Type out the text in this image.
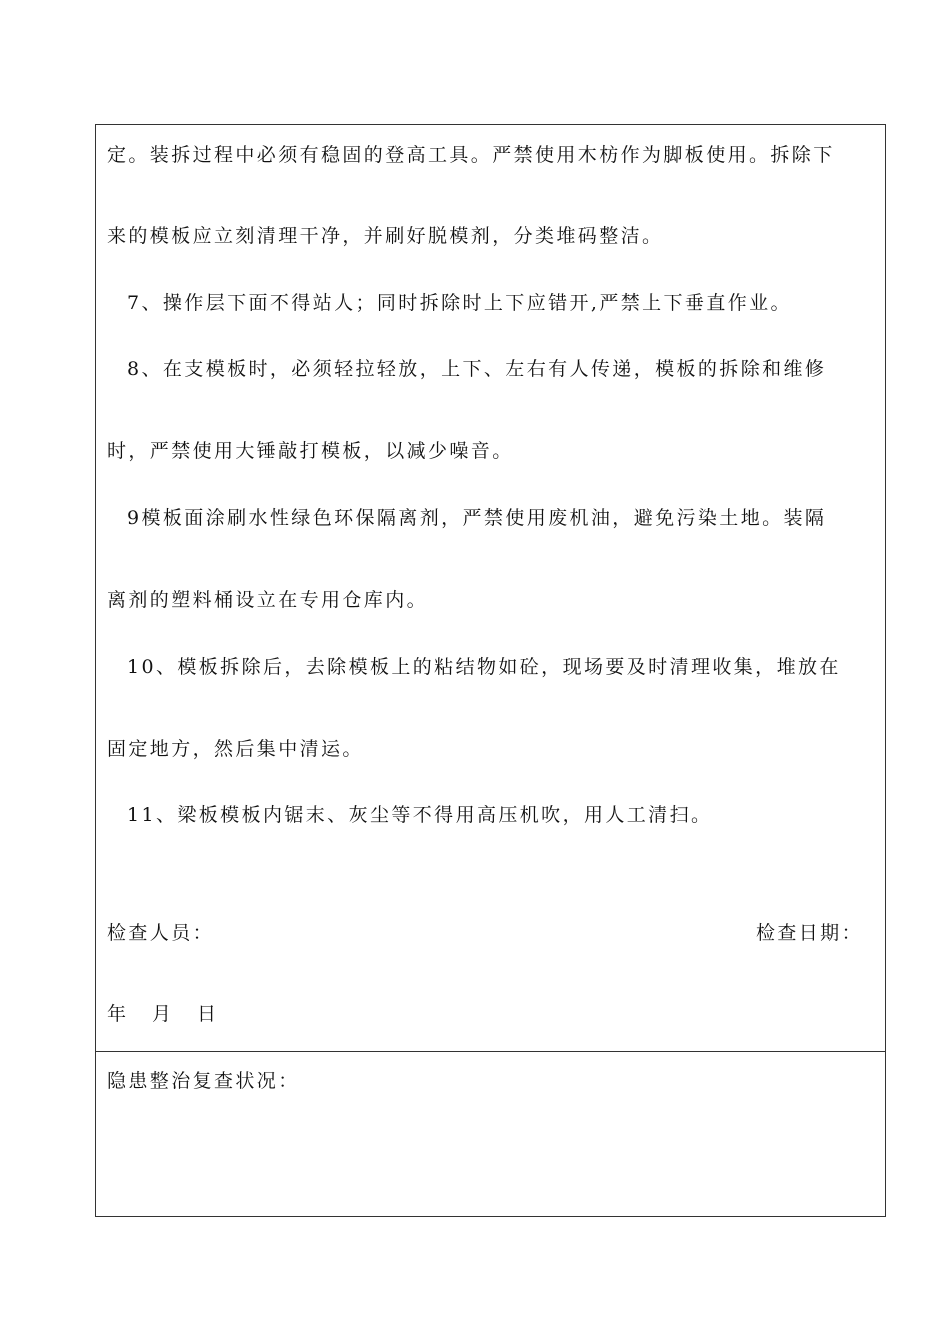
定。装拆过程中必须有稳固的登高工具。严禁使用木枋作为脚板使用。拆除下
来的模板应立刻清理干净，并刷好脱模剂，分类堆码整洁。
7、操作层下面不得站人；同时拆除时上下应错开,严禁上下垂直作业。
8、在支模板时，必须轻拉轻放，上下、左右有人传递，模板的拆除和维修
时，严禁使用大锤敲打模板，以减少噪音。
9模板面涂刷水性绿色环保隔离剂，严禁使用废机油，避免污染土地。装隔
离剂的塑料桶设立在专用仓库内。
10、模板拆除后，去除模板上的粘结物如砼，现场要及时清理收集，堆放在
固定地方，然后集中清运。
11、梁板模板内锯末、灰尘等不得用高压机吹，用人工清扫。
检查人员：	检查日期：
年 月 日
隐患整治复查状况：
